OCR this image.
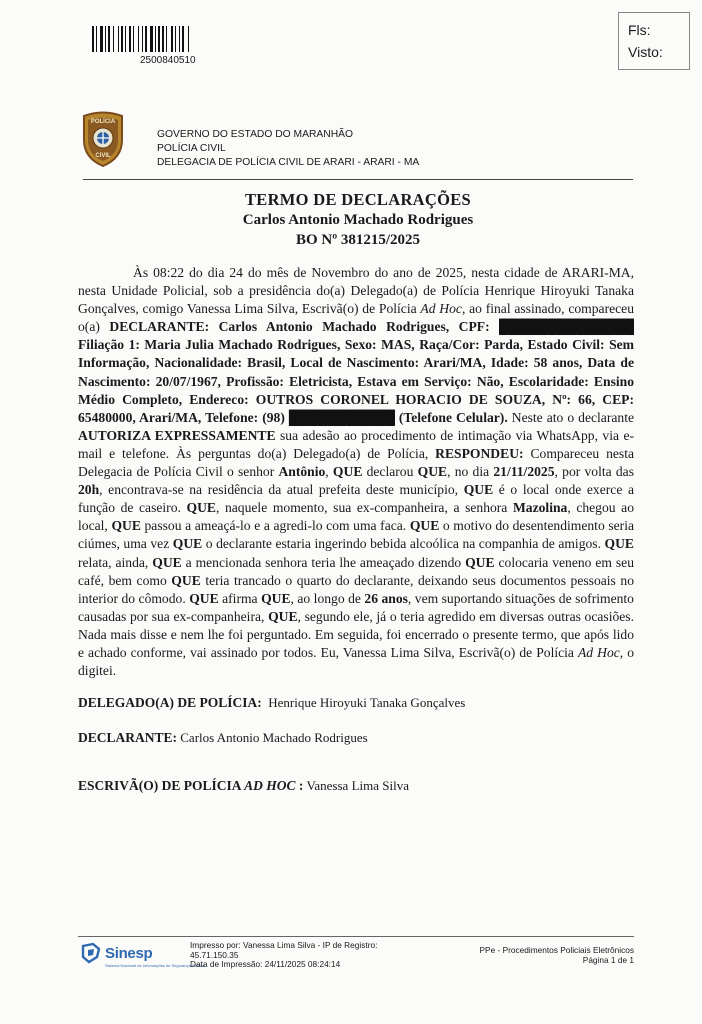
2500840510
Fls:
Visto:
POLÍCIA
CIVIL
GOVERNO DO ESTADO DO MARANHÃO
POLÍCIA CIVIL
DELEGACIA DE POLÍCIA CIVIL DE ARARI - ARARI - MA
TERMO DE DECLARAÇÕES
Carlos Antonio Machado Rodrigues
BO Nº 381215/2025
Às 08:22 do dia 24 do mês de Novembro do ano de 2025, nesta cidade de ARARI-MA, nesta Unidade Policial, sob a presidência do(a) Delegado(a) de Polícia Henrique Hiroyuki Tanaka Gonçalves, comigo Vanessa Lima Silva, Escrivã(o) de Polícia Ad Hoc, ao final assinado, compareceu o(a) DECLARANTE: Carlos Antonio Machado Rodrigues, CPF: ██████████████ Filiação 1: Maria Julia Machado Rodrigues, Sexo: MAS, Raça/Cor: Parda, Estado Civil: Sem Informação, Nacionalidade: Brasil, Local de Nascimento: Arari/MA, Idade: 58 anos, Data de Nascimento: 20/07/1967, Profissão: Eletricista, Estava em Serviço: Não, Escolaridade: Ensino Médio Completo, Endereco: OUTROS CORONEL HORACIO DE SOUZA, Nº: 66, CEP: 65480000, Arari/MA, Telefone: (98) ███████████ (Telefone Celular). Neste ato o declarante AUTORIZA EXPRESSAMENTE sua adesão ao procedimento de intimação via WhatsApp, via e-mail e telefone. Às perguntas do(a) Delegado(a) de Polícia, RESPONDEU: Compareceu nesta Delegacia de Polícia Civil o senhor Antônio, QUE declarou QUE, no dia 21/11/2025, por volta das 20h, encontrava-se na residência da atual prefeita deste município, QUE é o local onde exerce a função de caseiro. QUE, naquele momento, sua ex-companheira, a senhora Mazolina, chegou ao local, QUE passou a ameaçá-lo e a agredi-lo com uma faca. QUE o motivo do desentendimento seria ciúmes, uma vez QUE o declarante estaria ingerindo bebida alcoólica na companhia de amigos. QUE relata, ainda, QUE a mencionada senhora teria lhe ameaçado dizendo QUE colocaria veneno em seu café, bem como QUE teria trancado o quarto do declarante, deixando seus documentos pessoais no interior do cômodo. QUE afirma QUE, ao longo de 26 anos, vem suportando situações de sofrimento causadas por sua ex-companheira, QUE, segundo ele, já o teria agredido em diversas outras ocasiões. Nada mais disse e nem lhe foi perguntado. Em seguida, foi encerrado o presente termo, que após lido e achado conforme, vai assinado por todos. Eu, Vanessa Lima Silva, Escrivã(o) de Polícia Ad Hoc, o digitei.
DELEGADO(A) DE POLÍCIA: Henrique Hiroyuki Tanaka Gonçalves
DECLARANTE: Carlos Antonio Machado Rodrigues
ESCRIVÃ(O) DE POLÍCIA AD HOC : Vanessa Lima Silva
Sinesp
Sistema Nacional de Informações de Segurança Pública
Impresso por: Vanessa Lima Silva - IP de Registro:
45.71.150.35
Data de Impressão: 24/11/2025 08:24:14
PPe - Procedimentos Policiais Eletrônicos
Página 1 de 1
